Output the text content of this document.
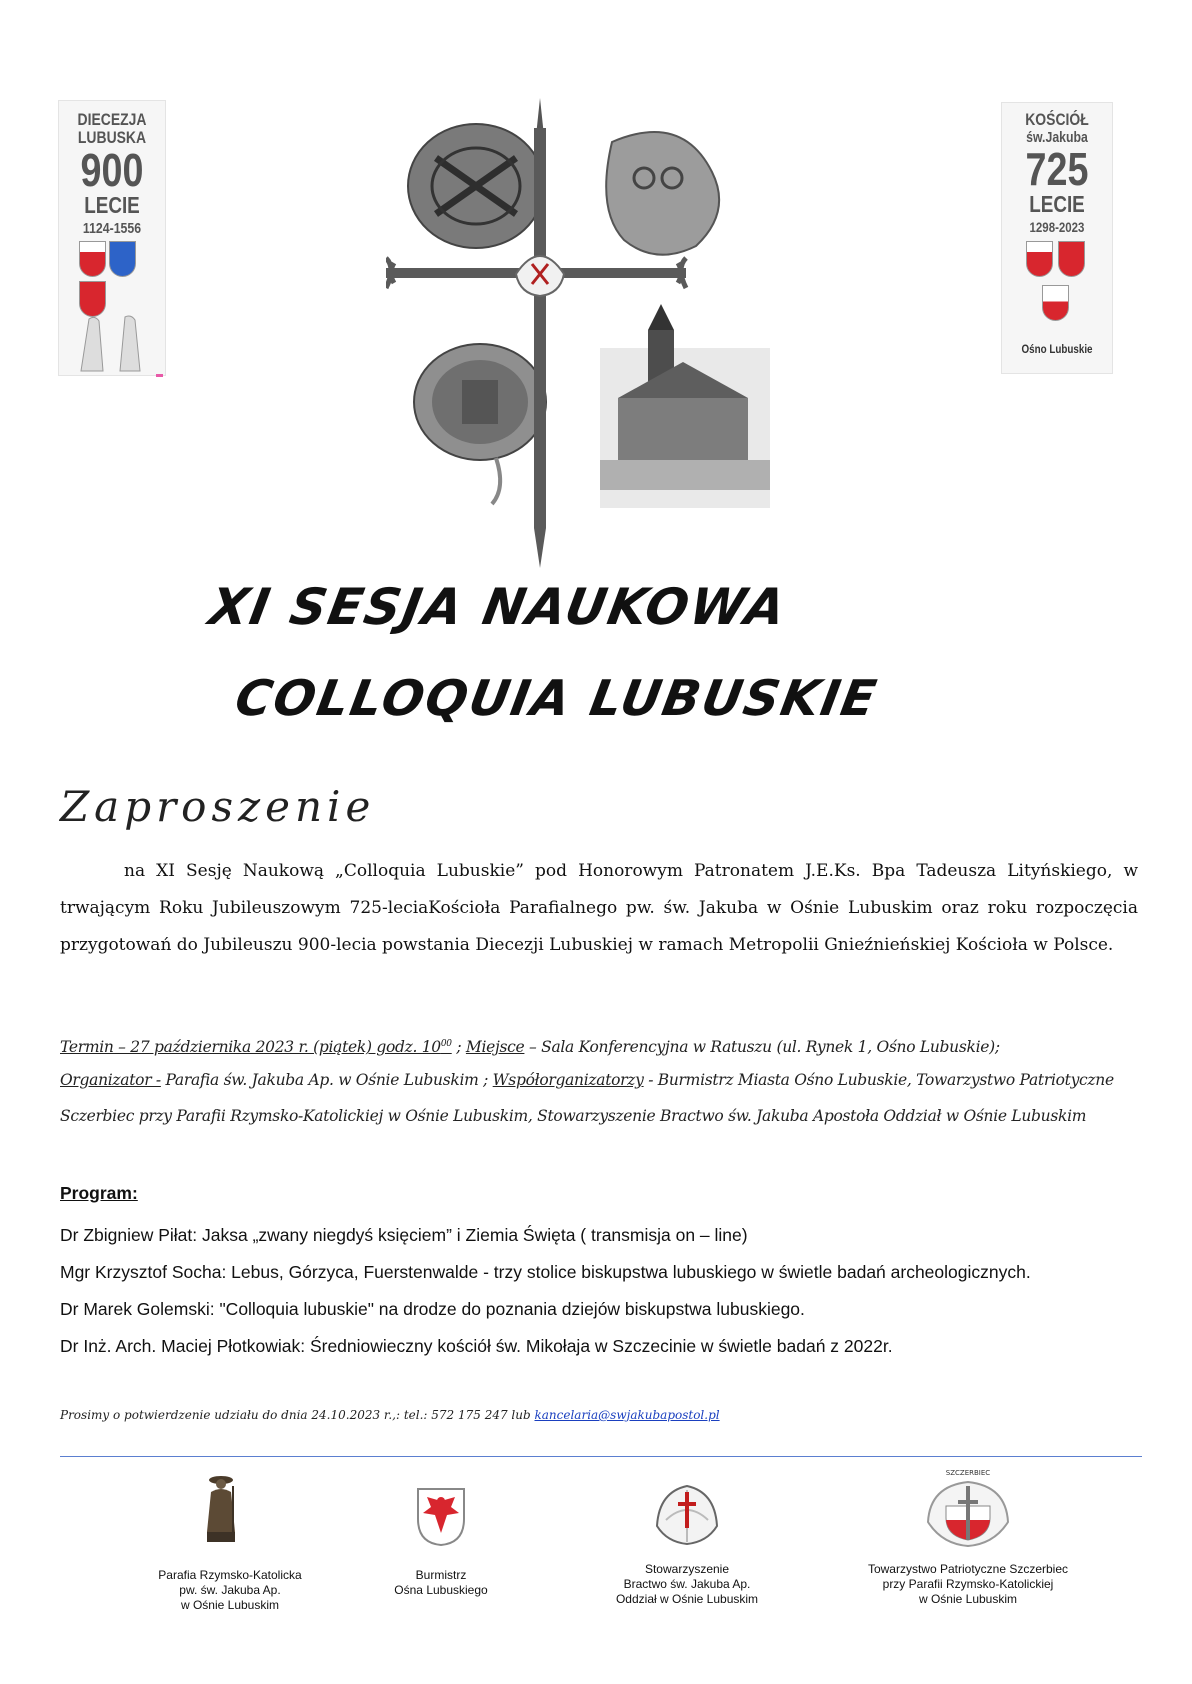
DIECEZJA
LUBUSKA
900
LECIE
1124-1556
KOŚCIÓŁ
św.Jakuba
725
LECIE
1298-2023
Ośno Lubuskie
XI SESJA NAUKOWA
COLLOQUIA LUBUSKIE
Zaproszenie
na XI Sesję Naukową „Colloquia Lubuskie” pod Honorowym Patronatem J.E.Ks. Bpa Tadeusza Lityńskiego, w trwającym Roku Jubileuszowym 725-leciaKościoła Parafialnego pw. św. Jakuba w Ośnie Lubuskim oraz roku rozpoczęcia przygotowań do Jubileuszu 900-lecia powstania Diecezji Lubuskiej w ramach Metropolii Gnieźnieńskiej Kościoła w Polsce.
Termin – 27 października 2023 r. (piątek) godz. $10^{00}$ ; Miejsce – Sala Konferencyjna w Ratuszu (ul. Rynek 1, Ośno Lubuskie);
Organizator - Parafia św. Jakuba Ap. w Ośnie Lubuskim ; Współorganizatorzy - Burmistrz Miasta Ośno Lubuskie, Towarzystwo Patriotyczne
Sczerbiec przy Parafii Rzymsko-Katolickiej w Ośnie Lubuskim, Stowarzyszenie Bractwo św. Jakuba Apostoła Oddział w Ośnie Lubuskim
Program:
Dr Zbigniew Piłat: Jaksa „zwany niegdyś księciem” i Ziemia Święta ( transmisja on – line)
Mgr Krzysztof Socha: Lebus, Górzyca, Fuerstenwalde - trzy stolice biskupstwa lubuskiego w świetle badań archeologicznych.
Dr Marek Golemski: "Colloquia lubuskie" na drodze do poznania dziejów biskupstwa lubuskiego.
Dr Inż. Arch. Maciej Płotkowiak: Średniowieczny kościół św. Mikołaja w Szczecinie w świetle badań z 2022r.
Prosimy o potwierdzenie udziału do dnia 24.10.2023 r.,: tel.: 572 175 247 lub kancelaria@swjakubapostol.pl
SZCZERBIEC
Parafia Rzymsko-Katolicka
pw. św. Jakuba Ap.
w Ośnie Lubuskim
Burmistrz
Ośna Lubuskiego
Stowarzyszenie
Bractwo św. Jakuba Ap.
Oddział w Ośnie Lubuskim
Towarzystwo Patriotyczne Szczerbiec
przy Parafii Rzymsko-Katolickiej
w Ośnie Lubuskim
